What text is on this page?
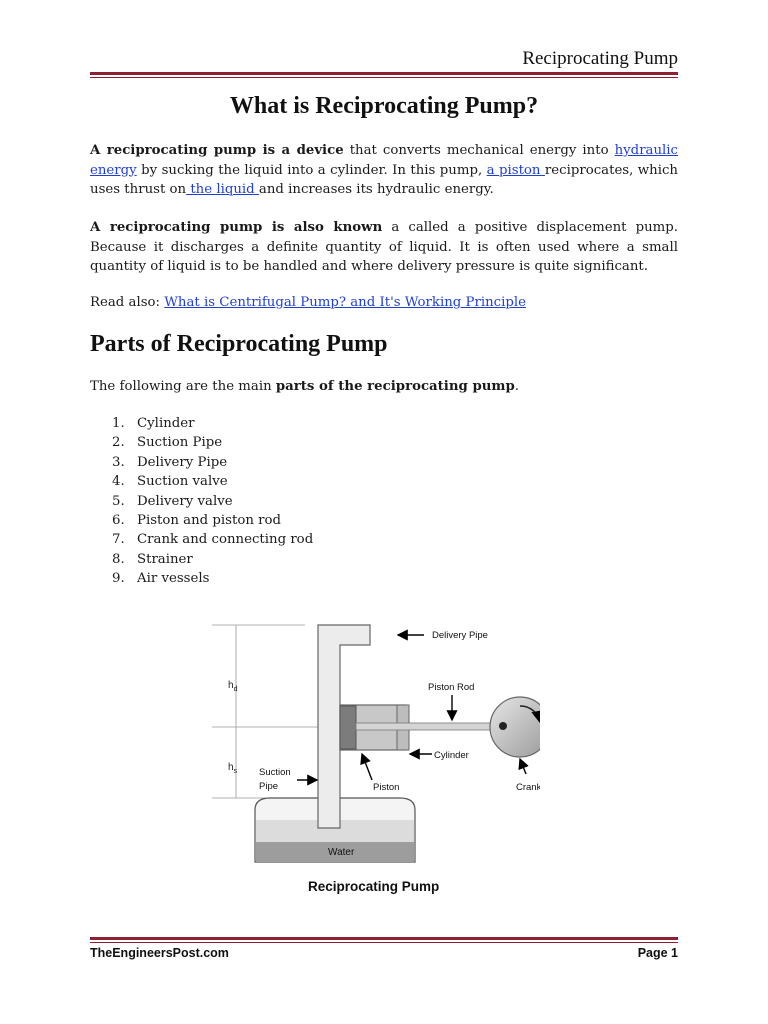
Reciprocating Pump
What is Reciprocating Pump?

A reciprocating pump is a device that converts mechanical energy into hydraulic energy by sucking the liquid into a cylinder. In this pump, a piston reciprocates, which uses thrust on the liquid and increases its hydraulic energy.

A reciprocating pump is also known a called a positive displacement pump. Because it discharges a definite quantity of liquid. It is often used where a small quantity of liquid is to be handled and where delivery pressure is quite significant.

Read also: What is Centrifugal Pump? and It's Working Principle

Parts of Reciprocating Pump

The following are the main parts of the reciprocating pump.

1. Cylinder
2. Suction Pipe
3. Delivery Pipe
4. Suction valve
5. Delivery valve
6. Piston and piston rod
7. Crank and connecting rod
8. Strainer
9. Air vessels
$h_d$
$h_s$
Water
Delivery Pipe
Piston Rod
Cylinder
Crank
Piston
Suction
Pipe
Reciprocating Pump
TheEngineersPost.com	Page 1
